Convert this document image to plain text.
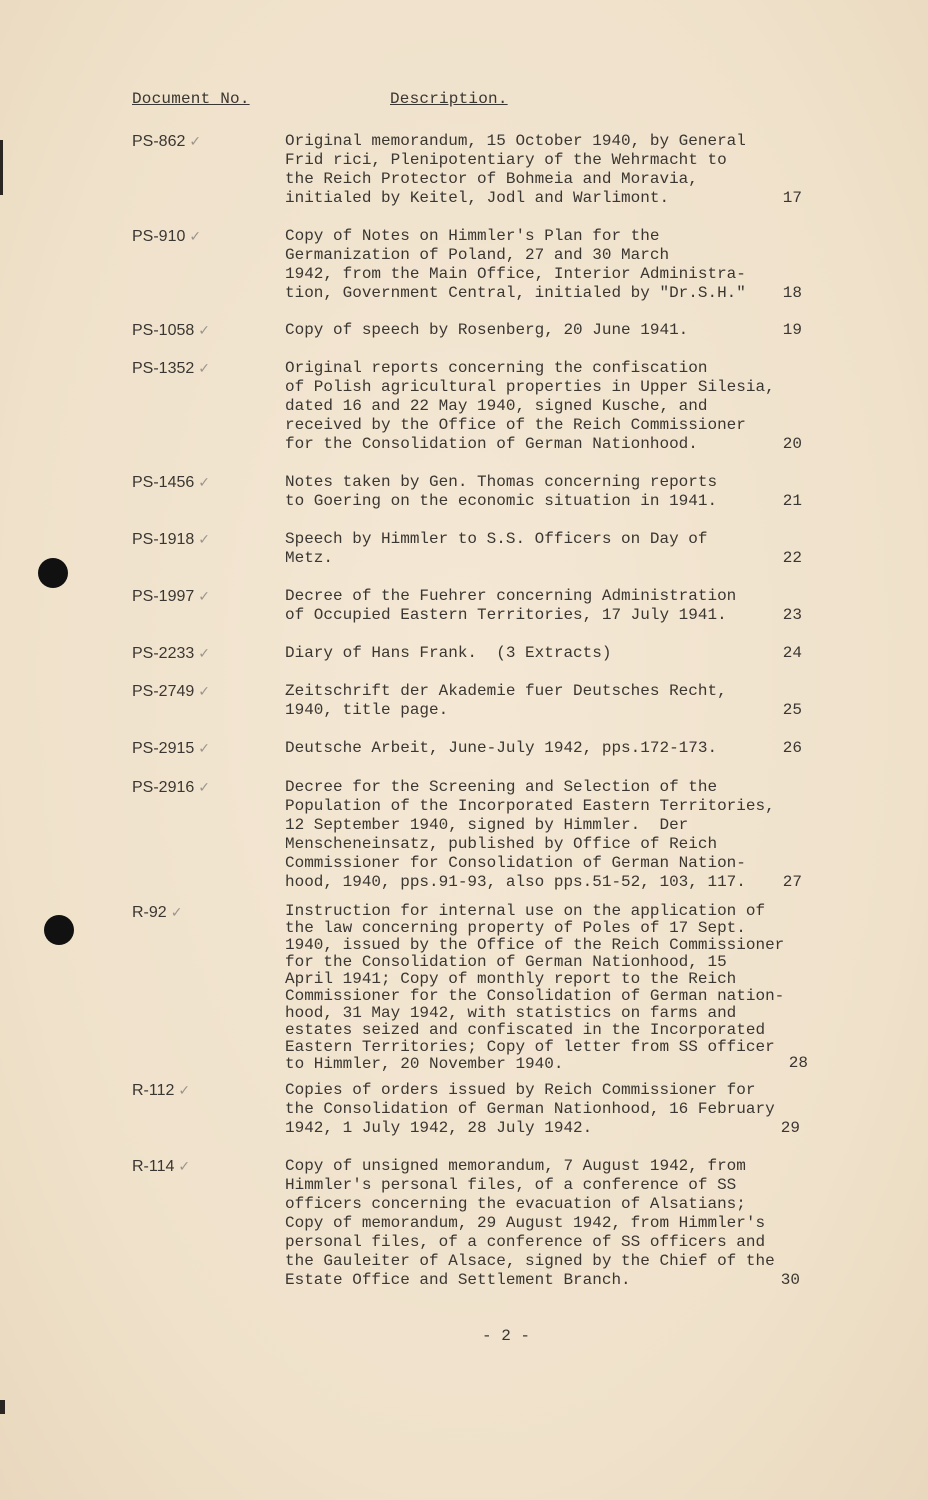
Document No.	Description.
PS-862 ✓	Original memorandum, 15 October 1940, by General
Frid rici, Plenipotentiary of the Wehrmacht to
the Reich Protector of Bohmeia and Moravia,
initialed by Keitel, Jodl and Warlimont.	17
PS-910 ✓	Copy of Notes on Himmler's Plan for the
Germanization of Poland, 27 and 30 March
1942, from the Main Office, Interior Administra-
tion, Government Central, initialed by "Dr.S.H."	18
PS-1058 ✓	Copy of speech by Rosenberg, 20 June 1941.	19
PS-1352 ✓	Original reports concerning the confiscation
of Polish agricultural properties in Upper Silesia,
dated 16 and 22 May 1940, signed Kusche, and
received by the Office of the Reich Commissioner
for the Consolidation of German Nationhood.	20
PS-1456 ✓	Notes taken by Gen. Thomas concerning reports
to Goering on the economic situation in 1941.	21
PS-1918 ✓	Speech by Himmler to S.S. Officers on Day of
Metz.	22
PS-1997 ✓	Decree of the Fuehrer concerning Administration
of Occupied Eastern Territories, 17 July 1941.	23
PS-2233 ✓	Diary of Hans Frank.  (3 Extracts)	24
PS-2749 ✓	Zeitschrift der Akademie fuer Deutsches Recht,
1940, title page.	25
PS-2915 ✓	Deutsche Arbeit, June-July 1942, pps.172-173.	26
PS-2916 ✓	Decree for the Screening and Selection of the
Population of the Incorporated Eastern Territories,
12 September 1940, signed by Himmler.  Der
Menscheneinsatz, published by Office of Reich
Commissioner for Consolidation of German Nation-
hood, 1940, pps.91-93, also pps.51-52, 103, 117.	27
R-92 ✓	Instruction for internal use on the application of
the law concerning property of Poles of 17 Sept.
1940, issued by the Office of the Reich Commissioner
for the Consolidation of German Nationhood, 15
April 1941; Copy of monthly report to the Reich
Commissioner for the Consolidation of German nation-
hood, 31 May 1942, with statistics on farms and
estates seized and confiscated in the Incorporated
Eastern Territories; Copy of letter from SS officer
to Himmler, 20 November 1940.	28
R-112 ✓	Copies of orders issued by Reich Commissioner for
the Consolidation of German Nationhood, 16 February
1942, 1 July 1942, 28 July 1942.	29
R-114 ✓	Copy of unsigned memorandum, 7 August 1942, from
Himmler's personal files, of a conference of SS
officers concerning the evacuation of Alsatians;
Copy of memorandum, 29 August 1942, from Himmler's
personal files, of a conference of SS officers and
the Gauleiter of Alsace, signed by the Chief of the
Estate Office and Settlement Branch.	30
- 2 -
